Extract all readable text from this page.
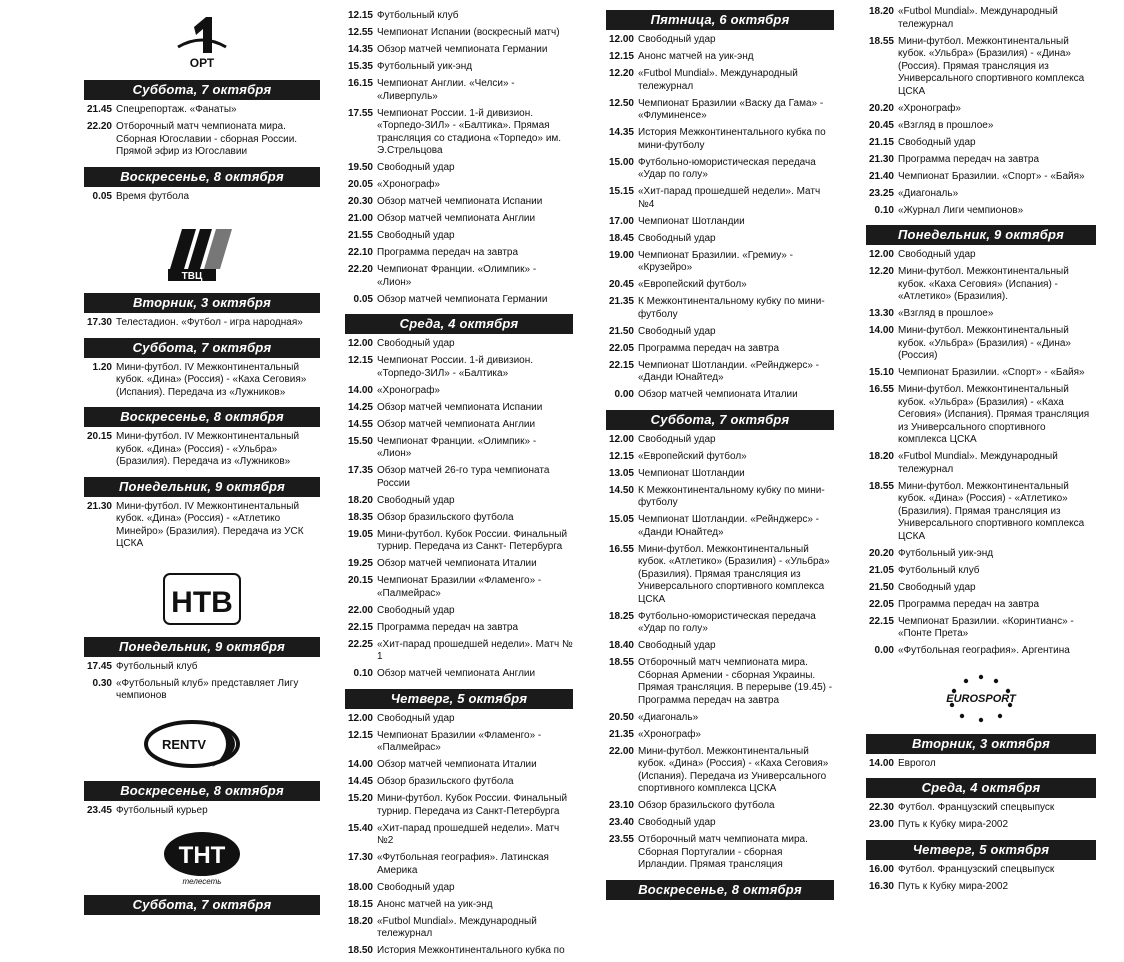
ОРТ
Суббота, 7 октября
21.45 Спецрепортаж. «Фанаты»
22.20 Отборочный матч чемпионата мира. Сборная Югославии - сборная России. Прямой эфир из Югославии
Воскресенье, 8 октября
0.05 Время футбола
ТВЦ
Вторник, 3 октября
17.30 Телестадион. «Футбол - игра народная»
Суббота, 7 октября
1.20 Мини-футбол. IV Межконтинентальный кубок. «Дина» (Россия) - «Каха Сеговия» (Испания). Передача из «Лужников»
Воскресенье, 8 октября
20.15 Мини-футбол. IV Межконтинентальный кубок. «Дина» (Россия) - «Ульбра» (Бразилия). Передача из «Лужников»
Понедельник, 9 октября
21.30 Мини-футбол. IV Межконтинентальный кубок. «Дина» (Россия) - «Атлетико Минейро» (Бразилия). Передача из УСК ЦСКА
НТВ
Понедельник, 9 октября
17.45 Футбольный клуб
0.30 «Футбольный клуб» представляет Лигу чемпионов
RENTV
Воскресенье, 8 октября
23.45 Футбольный курьер
ТНТ
телесеть
Суббота, 7 октября
12.15 Футбольный клуб
12.55 Чемпионат Испании (воскресный матч)
14.35 Обзор матчей чемпионата Германии
15.35 Футбольный уик-энд
16.15 Чемпионат Англии. «Челси» - «Ливерпуль»
17.55 Чемпионат России. 1-й дивизион. «Торпедо-ЗИЛ» - «Балтика». Прямая трансляция со стадиона «Торпедо» им. Э.Стрельцова
19.50 Свободный удар
20.05 «Хронограф»
20.30 Обзор матчей чемпионата Испании
21.00 Обзор матчей чемпионата Англии
21.55 Свободный удар
22.10 Программа передач на завтра
22.20 Чемпионат Франции. «Олимпик» - «Лион»
0.05 Обзор матчей чемпионата Германии
Среда, 4 октября
12.00 Свободный удар
12.15 Чемпионат России. 1-й дивизион. «Торпедо-ЗИЛ» - «Балтика»
14.00 «Хронограф»
14.25 Обзор матчей чемпионата Испании
14.55 Обзор матчей чемпионата Англии
15.50 Чемпионат Франции. «Олимпик» - «Лион»
17.35 Обзор матчей 26-го тура чемпионата России
18.20 Свободный удар
18.35 Обзор бразильского футбола
19.05 Мини-футбол. Кубок России. Финальный турнир. Передача из Санкт- Петербурга
19.25 Обзор матчей чемпионата Италии
20.15 Чемпионат Бразилии «Фламенго» - «Палмейрас»
22.00 Свободный удар
22.15 Программа передач на завтра
22.25 «Хит-парад прошедшей недели». Матч № 1
0.10 Обзор матчей чемпионата Англии
Четверг, 5 октября
12.00 Свободный удар
12.15 Чемпионат Бразилии «Фламенго» - «Палмейрас»
14.00 Обзор матчей чемпионата Италии
14.45 Обзор бразильского футбола
15.20 Мини-футбол. Кубок России. Финальный турнир. Передача из Санкт-Петербурга
15.40 «Хит-парад прошедшей недели». Матч №2
17.30 «Футбольная география». Латинская Америка
18.00 Свободный удар
18.15 Анонс матчей на уик-энд
18.20 «Futbol Mundial». Международный тележурнал
18.50 История Межконтинентального кубка по
Пятница, 6 октября
12.00 Свободный удар
12.15 Анонс матчей на уик-энд
12.20 «Futbol Mundial». Международный тележурнал
12.50 Чемпионат Бразилии «Васку да Гама» - «Флуминенсе»
14.35 История Межконтинентального кубка по мини-футболу
15.00 Футбольно-юмористическая передача «Удар по голу»
15.15 «Хит-парад прошедшей недели». Матч №4
17.00 Чемпионат Шотландии
18.45 Свободный удар
19.00 Чемпионат Бразилии. «Гремиу» - «Крузейро»
20.45 «Европейский футбол»
21.35 К Межконтинентальному кубку по мини- футболу
21.50 Свободный удар
22.05 Программа передач на завтра
22.15 Чемпионат Шотландии. «Рейнджерс» - «Данди Юнайтед»
0.00 Обзор матчей чемпионата Италии
Суббота, 7 октября
12.00 Свободный удар
12.15 «Европейский футбол»
13.05 Чемпионат Шотландии
14.50 К Межконтинентальному кубку по мини- футболу
15.05 Чемпионат Шотландии. «Рейнджерс» - «Данди Юнайтед»
16.55 Мини-футбол. Межконтинентальный кубок. «Атлетико» (Бразилия) - «Ульбра» (Бразилия). Прямая трансляция из Универсального спортивного комплекса ЦСКА
18.25 Футбольно-юмористическая передача «Удар по голу»
18.40 Свободный удар
18.55 Отборочный матч чемпионата мира. Сборная Армении - сборная Украины. Прямая трансляция. В перерыве (19.45) - Программа передач на завтра
20.50 «Диагональ»
21.35 «Хронограф»
22.00 Мини-футбол. Межконтинентальный кубок. «Дина» (Россия) - «Каха Сеговия» (Испания). Передача из Универсального спортивного комплекса ЦСКА
23.10 Обзор бразильского футбола
23.40 Свободный удар
23.55 Отборочный матч чемпионата мира. Сборная Португалии - сборная Ирландии. Прямая трансляция
Воскресенье, 8 октября
18.20 «Futbol Mundial». Международный тележурнал
18.55 Мини-футбол. Межконтинентальный кубок. «Ульбра» (Бразилия) - «Дина» (Россия). Прямая трансляция из Универсального спортивного комплекса ЦСКА
20.20 «Хронограф»
20.45 «Взгляд в прошлое»
21.15 Свободный удар
21.30 Программа передач на завтра
21.40 Чемпионат Бразилии. «Спорт» - «Байя»
23.25 «Диагональ»
0.10 «Журнал Лиги чемпионов»
Понедельник, 9 октября
12.00 Свободный удар
12.20 Мини-футбол. Межконтинентальный кубок. «Каха Сеговия» (Испания) - «Атлетико» (Бразилия).
13.30 «Взгляд в прошлое»
14.00 Мини-футбол. Межконтинентальный кубок. «Ульбра» (Бразилия) - «Дина» (Россия)
15.10 Чемпионат Бразилии. «Спорт» - «Байя»
16.55 Мини-футбол. Межконтинентальный кубок. «Ульбра» (Бразилия) - «Каха Сеговия» (Испания). Прямая трансляция из Универсального спортивного комплекса ЦСКА
18.20 «Futbol Mundial». Международный тележурнал
18.55 Мини-футбол. Межконтинентальный кубок. «Дина» (Россия) - «Атлетико» (Бразилия). Прямая трансляция из Универсального спортивного комплекса ЦСКА
20.20 Футбольный уик-энд
21.05 Футбольный клуб
21.50 Свободный удар
22.05 Программа передач на завтра
22.15 Чемпионат Бразилии. «Коринтианс» - «Понте Прета»
0.00 «Футбольная география». Аргентина
EUROSPORT
Вторник, 3 октября
14.00 Еврогол
Среда, 4 октября
22.30 Футбол. Французский спецвыпуск
23.00 Путь к Кубку мира-2002
Четверг, 5 октября
16.00 Футбол. Французский спецвыпуск
16.30 Путь к Кубку мира-2002
